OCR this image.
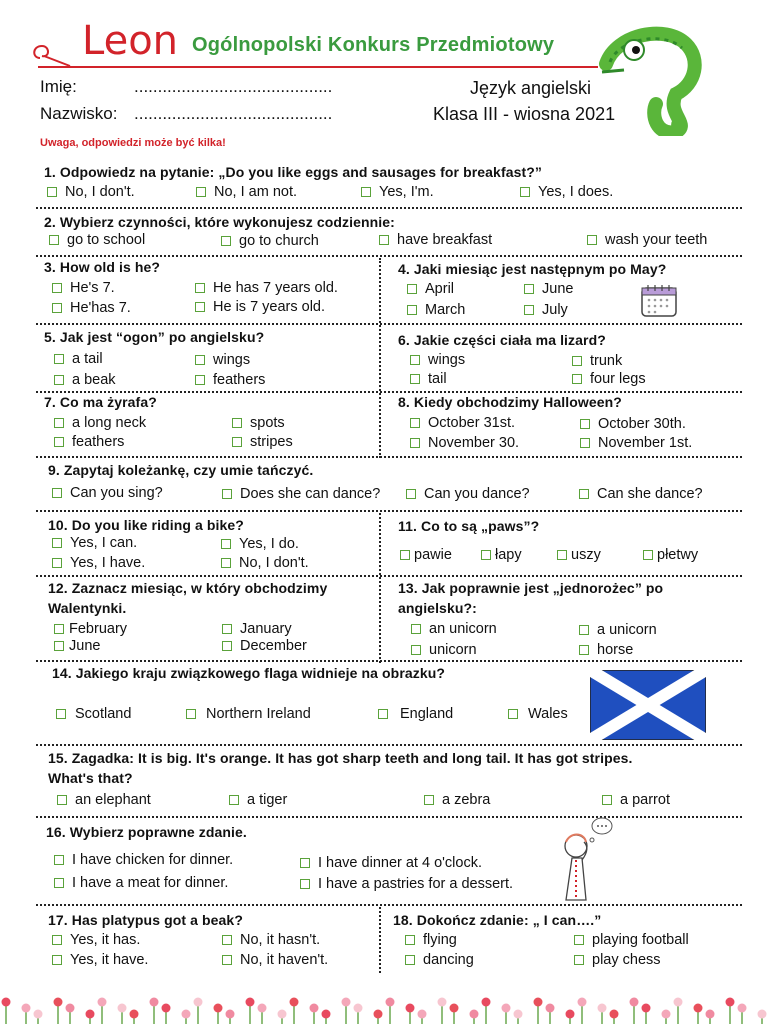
Leon Ogólnopolski Konkurs Przedmiotowy
Imię:	..........................................
Nazwisko: ..........................................
Język angielski
Klasa III - wiosna 2021
Uwaga, odpowiedzi może być kilka!
1. Odpowiedz na pytanie: „Do you like eggs and sausages for breakfast?”
No, I don't.	No, I am not.	Yes, I'm.	Yes, I does.
2. Wybierz czynności, które wykonujesz codziennie:
go to school	go to church	have breakfast	wash your teeth
3. How old is he?
He's 7.	He has 7 years old.
He'has 7.	He is 7 years old.
4. Jaki miesiąc jest następnym po May?
April	June
March	July
5. Jak jest “ogon” po angielsku?
a tail	wings
a beak	feathers
6. Jakie części ciała ma lizard?
wings	trunk
tail	four legs
7. Co ma żyrafa?
a long neck	spots
feathers	stripes
8. Kiedy obchodzimy Halloween?
October 31st.	October 30th.
November 30.	November 1st.
9. Zapytaj koleżankę, czy umie tańczyć.
Can you sing?	Does she can dance?	Can you dance?	Can she dance?
10. Do you like riding a bike?
Yes, I can.	Yes, I do.
Yes, I have.	No, I don't.
11. Co to są „paws”?
pawie	łapy	uszy	płetwy
12. Zaznacz miesiąc, w który obchodzimy
Walentynki.
February	January
June	December
13. Jak poprawnie jest „jednorożec” po
angielsku?:
an unicorn	a unicorn
unicorn	horse
14. Jakiego kraju związkowego flaga widnieje na obrazku?
Scotland	Northern Ireland	England	Wales
15. Zagadka: It is big. It's orange. It has got sharp teeth and long tail. It has got stripes.
What's that?
an elephant	a tiger	a zebra	a parrot
16. Wybierz poprawne zdanie.
I have chicken for dinner.	I have dinner at 4 o'clock.
I have a meat for dinner.	I have a pastries for a dessert.
17. Has platypus got a beak?
Yes, it has.	No, it hasn't.
Yes, it have.	No, it haven't.
18. Dokończ zdanie: „ I can….”
flying	playing football
dancing	play chess
